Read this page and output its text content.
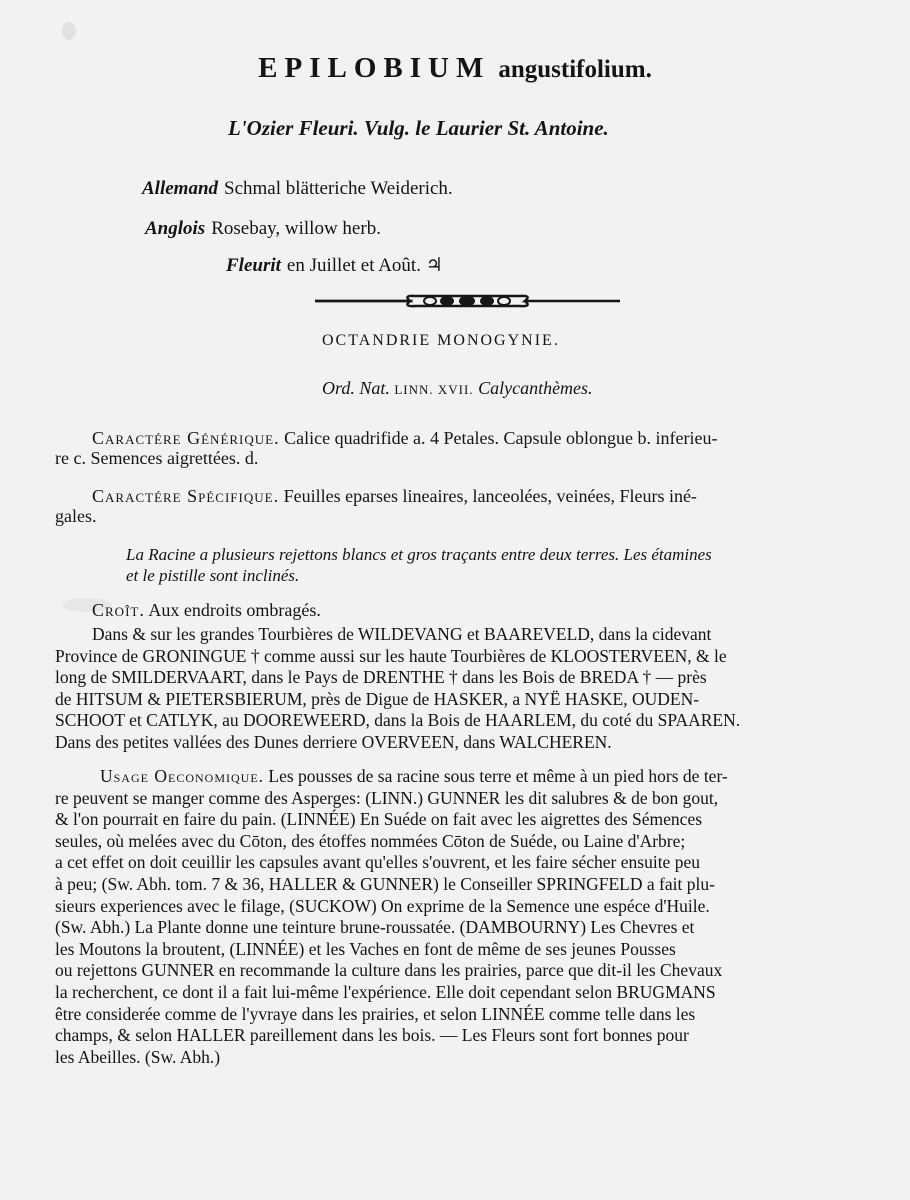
EPILOBIUM angustifolium.
L'Ozier Fleuri. Vulg. le Laurier St. Antoine.
Allemand Schmal blätteriche Weiderich.
Anglois Rosebay, willow herb.
Fleurit en Juillet et Août. ♃
OCTANDRIE MONOGYNIE.
Ord. Nat. LINN. XVII. Calycanthèmes.
Caractére Générique. Calice quadrifide a. 4 Petales. Capsule oblongue b. inferieu-
re c. Semences aigrettées. d.
Caractére Spécifique. Feuilles eparses lineaires, lanceolées, veinées, Fleurs iné-
gales.
La Racine a plusieurs rejettons blancs et gros traçants entre deux terres. Les étamines
et le pistille sont inclinés.
Croît. Aux endroits ombragés.
Dans & sur les grandes Tourbières de WILDEVANG et BAAREVELD, dans la cidevant
Province de GRONINGUE † comme aussi sur les haute Tourbières de KLOOSTERVEEN, & le
long de SMILDERVAART, dans le Pays de DRENTHE † dans les Bois de BREDA † — près
de HITSUM & PIETERSBIERUM, près de Digue de HASKER, a NYË HASKE, OUDEN-
SCHOOT et CATLYK, au DOOREWEERD, dans la Bois de HAARLEM, du coté du SPAAREN.
Dans des petites vallées des Dunes derriere OVERVEEN, dans WALCHEREN.
Usage Oeconomique. Les pousses de sa racine sous terre et même à un pied hors de ter-
re peuvent se manger comme des Asperges: (LINN.) GUNNER les dit salubres & de bon gout,
& l'on pourrait en faire du pain. (LINNÉE) En Suéde on fait avec les aigrettes des Sémences
seules, où melées avec du Cōton, des étoffes nommées Cōton de Suéde, ou Laine d'Arbre;
a cet effet on doit ceuillir les capsules avant qu'elles s'ouvrent, et les faire sécher ensuite peu
à peu; (Sw. Abh. tom. 7 & 36, HALLER & GUNNER) le Conseiller SPRINGFELD a fait plu-
sieurs experiences avec le filage, (SUCKOW) On exprime de la Semence une espéce d'Huile.
(Sw. Abh.) La Plante donne une teinture brune-roussatée. (DAMBOURNY) Les Chevres et
les Moutons la broutent, (LINNÉE) et les Vaches en font de même de ses jeunes Pousses
ou rejettons GUNNER en recommande la culture dans les prairies, parce que dit-il les Chevaux
la recherchent, ce dont il a fait lui-même l'expérience. Elle doit cependant selon BRUGMANS
être considerée comme de l'yvraye dans les prairies, et selon LINNÉE comme telle dans les
champs, & selon HALLER pareillement dans les bois. — Les Fleurs sont fort bonnes pour
les Abeilles. (Sw. Abh.)
